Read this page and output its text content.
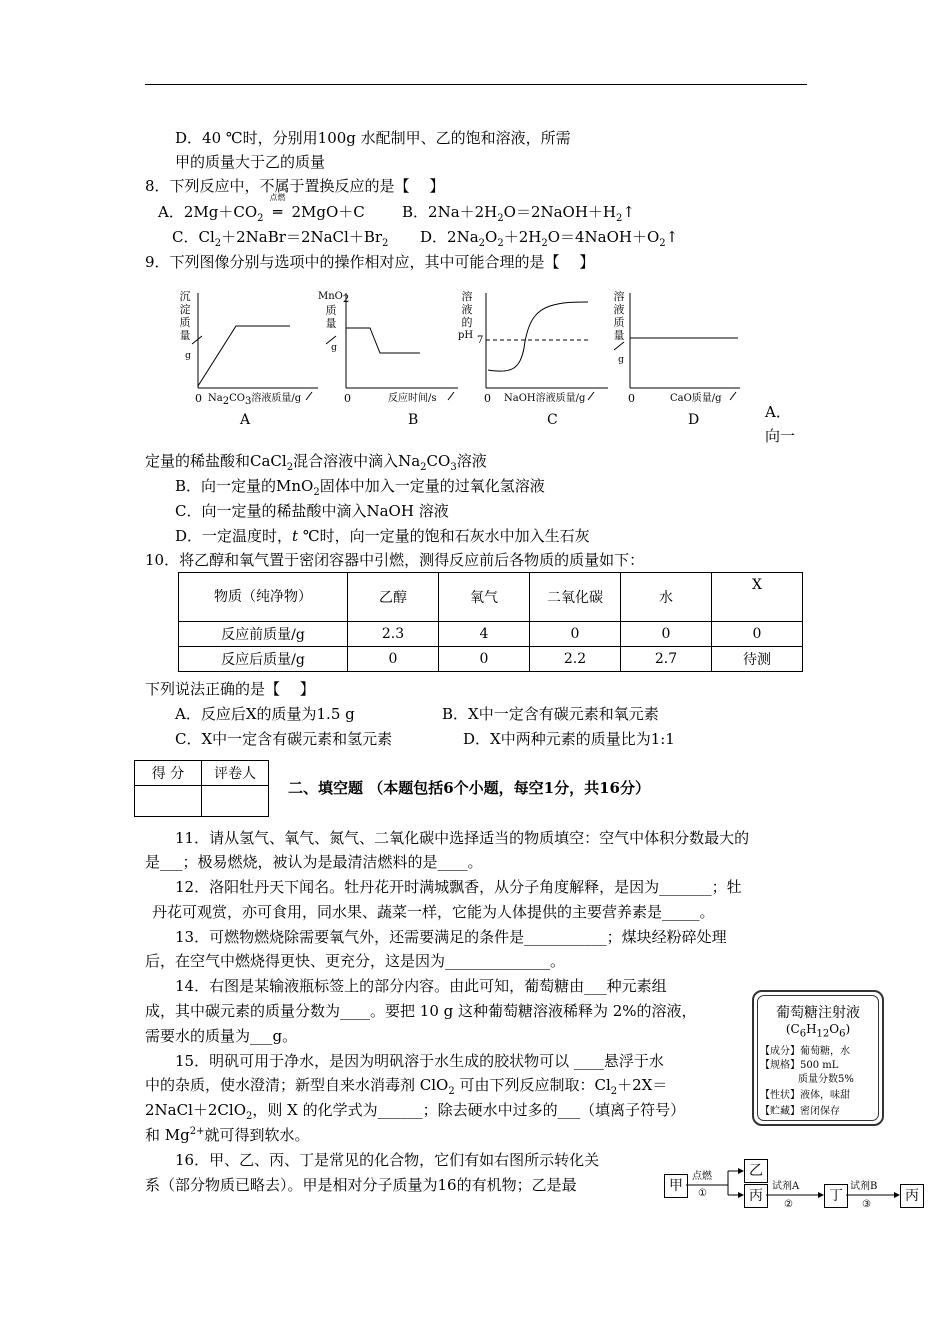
D．40 ℃时，分别用100g 水配制甲、乙的饱和溶液，所需
甲的质量大于乙的质量
8．下列反应中，不属于置换反应的是【　 】
A．$2Mg+CO_2$
点燃
═ 2MgO＋C B．$2Na+2H_2O=2NaOH+H_2↑$
C．$Cl_2+2NaBr=2NaCl+Br_2$ D．$2Na_2O_2+2H_2O=4NaOH+O_2↑$
9．下列图像分别与选项中的操作相对应，其中可能合理的是【　 】
沉
淀
质
量
g
0 $Na_2CO_3$溶液质量/g
A
MnO$_2$
质
量
g
0	反应时间/s
B
溶
液
的
pH 7
0 NaOH溶液质量/g
C
溶
液
质
量
g
0	CaO质量/g
D	A．
向一
定量的稀盐酸和CaCl$_2$混合溶液中滴入$Na_2CO_3$溶液
B．向一定量的MnO$_2$固体中加入一定量的过氧化氢溶液
C．向一定量的稀盐酸中滴入NaOH 溶液
D．一定温度时，t ℃时，向一定量的饱和石灰水中加入生石灰
10．将乙醇和氧气置于密闭容器中引燃，测得反应前后各物质的质量如下：
物质（纯净物）	乙醇	氧气	二氧化碳	水	X
反应前质量/g	2.3	4	0	0	0
反应后质量/g	0	0	2.2	2.7	待测
下列说法正确的是【　 】
A．反应后X的质量为1.5 g	B．X中一定含有碳元素和氧元素
C．X中一定含有碳元素和氢元素	D．X中两种元素的质量比为1:1
得 分	评卷人

二、填空题 （本题包括6个小题，每空1分，共16分）
11．请从氢气、氧气、氮气、二氧化碳中选择适当的物质填空：空气中体积分数最大的
是___；极易燃烧，被认为是最清洁燃料的是____。
12．洛阳牡丹天下闻名。牡丹花开时满城飘香，从分子角度解释，是因为_______；牡
丹花可观赏，亦可食用，同水果、蔬菜一样，它能为人体提供的主要营养素是_____。
13．可燃物燃烧除需要氧气外，还需要满足的条件是___________；煤块经粉碎处理
后，在空气中燃烧得更快、更充分，这是因为______________。
14．右图是某输液瓶标签上的部分内容。由此可知，葡萄糖由___种元素组
成，其中碳元素的质量分数为____。要把 10 g 这种葡萄糖溶液稀释为 2%的溶液，
需要水的质量为___g。
15．明矾可用于净水，是因为明矾溶于水生成的胶状物可以 ____悬浮于水
中的杂质，使水澄清；新型自来水消毒剂 ClO$_2$ 可由下列反应制取：$Cl_2+2X=$
2NaCl＋2ClO$_2$，则 X 的化学式为______；除去硬水中过多的___（填离子符号）
和 $Mg^{2+}$就可得到软水。
16．甲、乙、丙、丁是常见的化合物，它们有如右图所示转化关
系（部分物质已略去）。甲是相对分子质量为16的有机物；乙是最
葡萄糖注射液
$(C_6H_{12}O_6)$
【成分】葡萄糖，水
【规格】500 mL
质量分数5%
【性状】液体，味甜
【贮藏】密闭保存
甲
乙
丙	丁	丙
点燃
①
试剂A
②
试剂B
③
